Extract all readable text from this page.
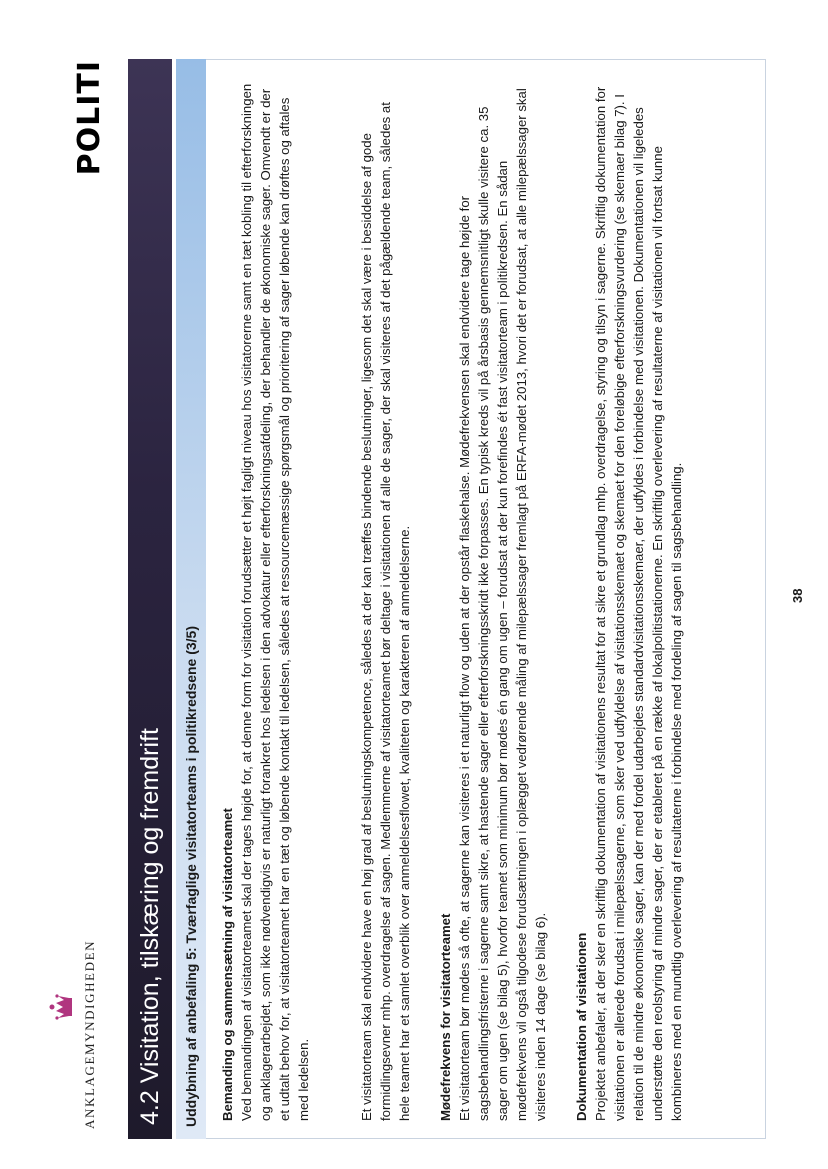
ANKLAGEMYNDIGHEDEN
POLITI
4.2 Visitation, tilskæring og fremdrift	Uddybning af anbefaling 5: Tværfaglige visitatorteams i politikredsene (3/5)	Bemanding og sammensætning af visitatorteamet Ved bemandingen af visitatorteamet skal der tages højde for, at denne form for visitation forudsætter et højt fagligt niveau hos visitatorerne samt en tæt kobling til efterforskningen og anklagerarbejdet, som ikke nødvendigvis er naturligt forankret hos ledelsen i den advokatur eller efterforskningsafdeling, der behandler de økonomiske sager. Omvendt er der et udtalt behov for, at visitatorteamet har en tæt og løbende kontakt til ledelsen, således at ressourcemæssige spørgsmål og prioritering af sager løbende kan drøftes og aftales med ledelsen.	Et visitatorteam skal endvidere have en høj grad af beslutningskompetence, således at der kan træffes bindende beslutninger, ligesom det skal være i besiddelse af gode formidlingsevner mhp. overdragelse af sagen. Medlemmerne af visitatorteamet bør deltage i visitationen af alle de sager, der skal visiteres af det pågældende team, således at hele teamet har et samlet overblik over anmeldelsesflowet, kvaliteten og karakteren af anmeldelserne. Mødefrekvens for visitatorteamet Et visitatorteam bør mødes så ofte, at sagerne kan visiteres i et naturligt flow og uden at der opstår flaskehalse. Mødefrekvensen skal endvidere tage højde for sagsbehandlingsfristerne i sagerne samt sikre, at hastende sager eller efterforskningsskridt ikke forpasses. En typisk kreds vil på årsbasis gennemsnitligt skulle visitere ca. 35 sager om ugen (se bilag 5), hvorfor teamet som minimum bør mødes én gang om ugen – forudsat at der kun forefindes ét fast visitatorteam i politikredsen. En sådan mødefrekvens vil også tilgodese forudsætningen i oplægget vedrørende måling af milepælssager fremlagt på ERFA-mødet 2013, hvori det er forudsat, at alle milepælssager skal visiteres inden 14 dage (se bilag 6). Dokumentation af visitationen Projektet anbefaler, at der sker en skriftlig dokumentation af visitationens resultat for at sikre et grundlag mhp. overdragelse, styring og tilsyn i sagerne. Skriftlig dokumentation for visitationen er allerede forudsat i milepælssagerne, som sker ved udfyldelse af visitationsskemaet og skemaet for den foreløbige efterforskningsvurdering (se skemaer bilag 7). I relation til de mindre økonomiske sager, kan der med fordel udarbejdes standardvisitationsskemaer, der udfyldes i forbindelse med visitationen. Dokumentationen vil ligeledes understøtte den reolstyring af mindre sager, der er etableret på en række af lokalpolitistationerne. En skriftlig overlevering af resultaterne af visitationen vil fortsat kunne kombineres med en mundtlig overlevering af resultaterne i forbindelse med fordeling af sagen til sagsbehandling.	38
